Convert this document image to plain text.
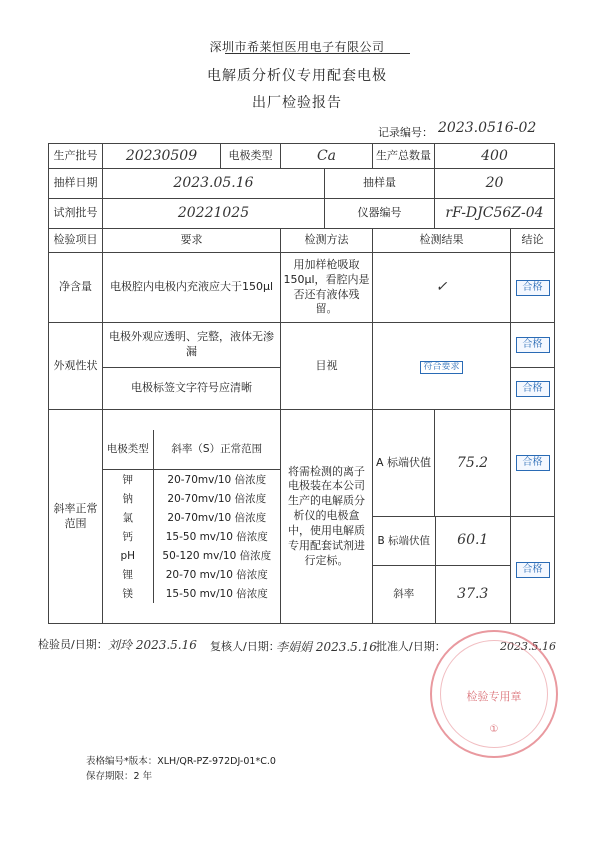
深圳市希莱恒医用电子有限公司
电解质分析仪专用配套电极
出厂检验报告
记录编号： 2023.0516-02
生产批号	20230509	电极类型	Ca	生产总数量	400
抽样日期	2023.05.16	抽样量	20
试剂批号	20221025	仪器编号	rF-DJC56Z-04
检验项目	要求	检测方法	检测结果	结论
净含量	电极腔内电极内充液应大于150μl	用加样枪吸取150μl，看腔内是否还有液体残留。	✓	合格
外观性状	电极外观应透明、完整，液体无渗漏	目视	符合要求	合格
电极标签文字符号应清晰	合格
斜率正常范围	
电极类型	斜率（S）正常范围
钾	20-70mv/10 倍浓度
钠	20-70mv/10 倍浓度
氯	20-70mv/10 倍浓度
钙	15-50 mv/10 倍浓度
pH	50-120 mv/10 倍浓度
锂	20-70 mv/10 倍浓度
镁	15-50 mv/10 倍浓度
	将需检测的离子电极装在本公司生产的电解质分析仪的电极盒中，使用电解质专用配套试剂进行定标。	A 标端伏值	75.2	合格

B 标端伏值	60.1
斜率	37.3
	合格
检验员/日期： 刘玲 2023.5.16 复核人/日期：
李娟娟 2023.5.16 批准人/日期：	2023.5.16
检验专用章
①
表格编号*版本：XLH/QR-PZ-972DJ-01*C.0
保存期限：2 年
